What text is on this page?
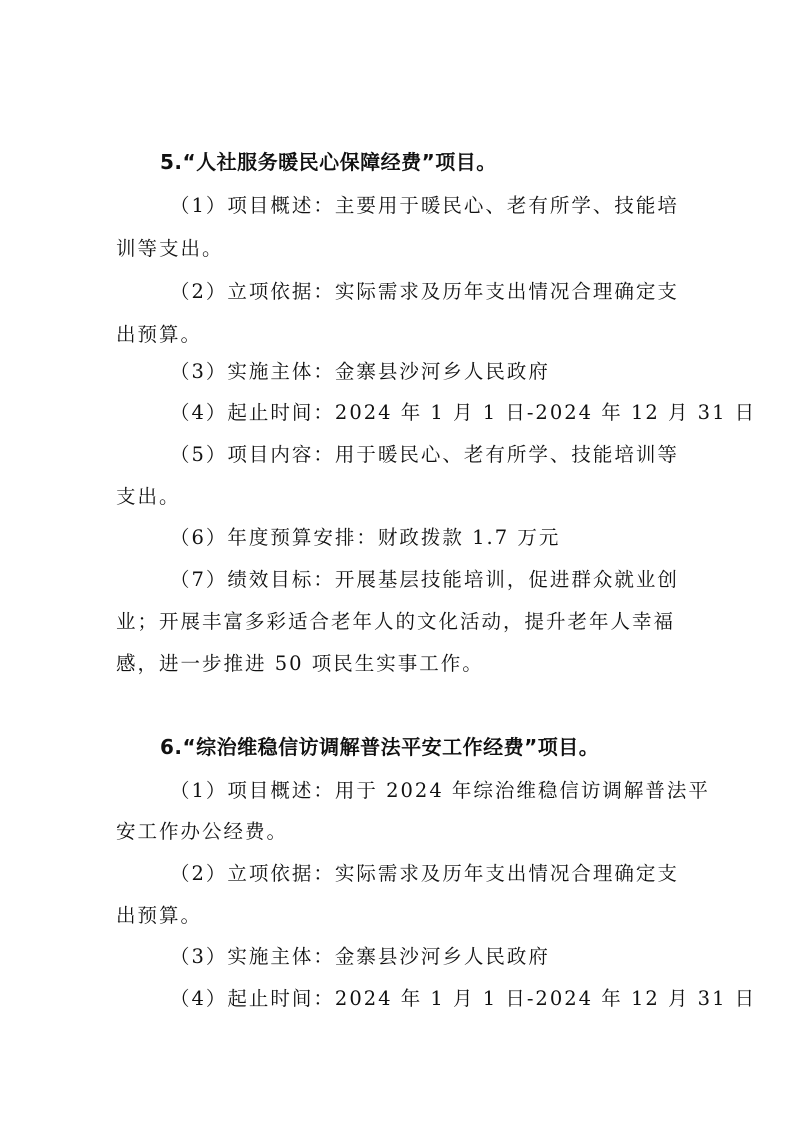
5.“人社服务暖民心保障经费”项目。
（1）项目概述：主要用于暖民心、老有所学、技能培
训等支出。
（2）立项依据：实际需求及历年支出情况合理确定支
出预算。
（3）实施主体：金寨县沙河乡人民政府
（4）起止时间：2024 年 1 月 1 日-2024 年 12 月 31 日
（5）项目内容：用于暖民心、老有所学、技能培训等
支出。
（6）年度预算安排：财政拨款 1.7 万元
（7）绩效目标：开展基层技能培训，促进群众就业创
业；开展丰富多彩适合老年人的文化活动，提升老年人幸福
感，进一步推进 50 项民生实事工作。
6.“综治维稳信访调解普法平安工作经费”项目。
（1）项目概述：用于 2024 年综治维稳信访调解普法平
安工作办公经费。
（2）立项依据：实际需求及历年支出情况合理确定支
出预算。
（3）实施主体：金寨县沙河乡人民政府
（4）起止时间：2024 年 1 月 1 日-2024 年 12 月 31 日
